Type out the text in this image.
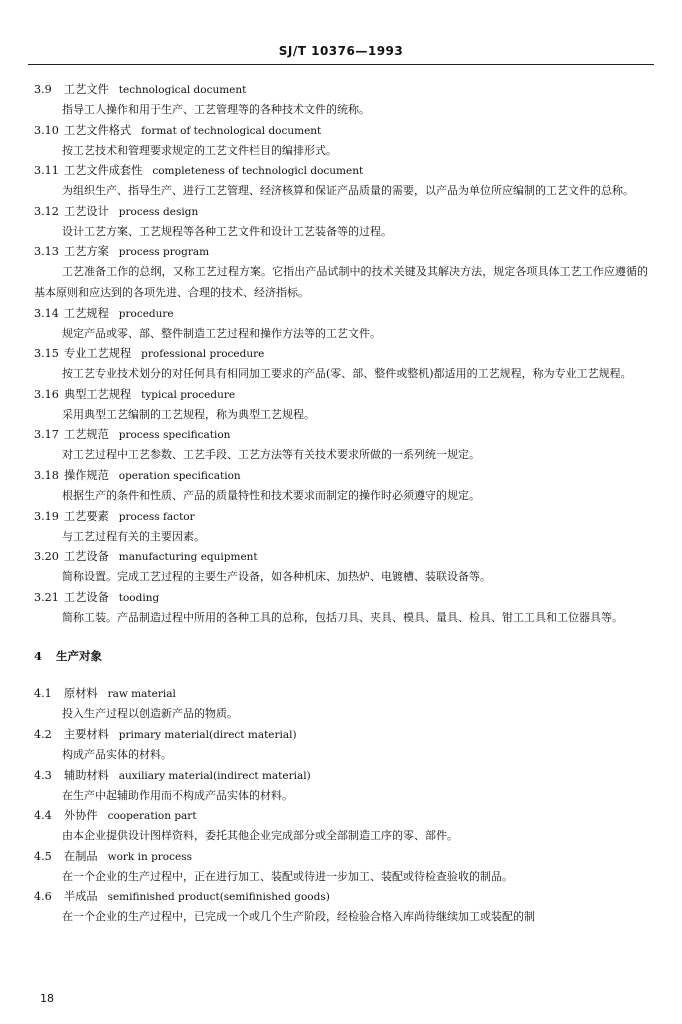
SJ/T 10376—1993
3.9 工艺文件 technological document
指导工人操作和用于生产、工艺管理等的各种技术文件的统称。
3.10 工艺文件格式 format of technological document
按工艺技术和管理要求规定的工艺文件栏目的编排形式。
3.11 工艺文件成套性 completeness of technologicl document
为组织生产、指导生产、进行工艺管理、经济核算和保证产品质量的需要，以产品为单位所应编制的工艺文件的总称。
3.12 工艺设计 process design
设计工艺方案、工艺规程等各种工艺文件和设计工艺装备等的过程。
3.13 工艺方案 process program
工艺准备工作的总纲，又称工艺过程方案。它指出产品试制中的技术关键及其解决方法，规定各项具体工艺工作应遵循的基本原则和应达到的各项先进、合理的技术、经济指标。
3.14 工艺规程 procedure
规定产品或零、部、整件制造工艺过程和操作方法等的工艺文件。
3.15 专业工艺规程 professional procedure
按工艺专业技术划分的对任何具有相同加工要求的产品(零、部、整件或整机)都适用的工艺规程，称为专业工艺规程。
3.16 典型工艺规程 typical procedure
采用典型工艺编制的工艺规程，称为典型工艺规程。
3.17 工艺规范 process specification
对工艺过程中工艺参数、工艺手段、工艺方法等有关技术要求所做的一系列统一规定。
3.18 操作规范 operation specification
根据生产的条件和性质、产品的质量特性和技术要求而制定的操作时必须遵守的规定。
3.19 工艺要素 process factor
与工艺过程有关的主要因素。
3.20 工艺设备 manufacturing equipment
简称设置。完成工艺过程的主要生产设备，如各种机床、加热炉、电镀槽、装联设备等。
3.21 工艺设备 tooding
简称工装。产品制造过程中所用的各种工具的总称，包括刀具、夹具、模具、量具、检具、钳工工具和工位器具等。
4 生产对象
4.1 原材料 raw material
投入生产过程以创造新产品的物质。
4.2 主要材料 primary material(direct material)
构成产品实体的材料。
4.3 辅助材料 auxiliary material(indirect material)
在生产中起辅助作用而不构成产品实体的材料。
4.4 外协件 cooperation part
由本企业提供设计图样资料，委托其他企业完成部分或全部制造工序的零、部件。
4.5 在制品 work in process
在一个企业的生产过程中，正在进行加工、装配或待进一步加工、装配或待检查验收的制品。
4.6 半成品 semifinished product(semifinished goods)
在一个企业的生产过程中，已完成一个或几个生产阶段，经检验合格入库尚待继续加工或装配的制
18
